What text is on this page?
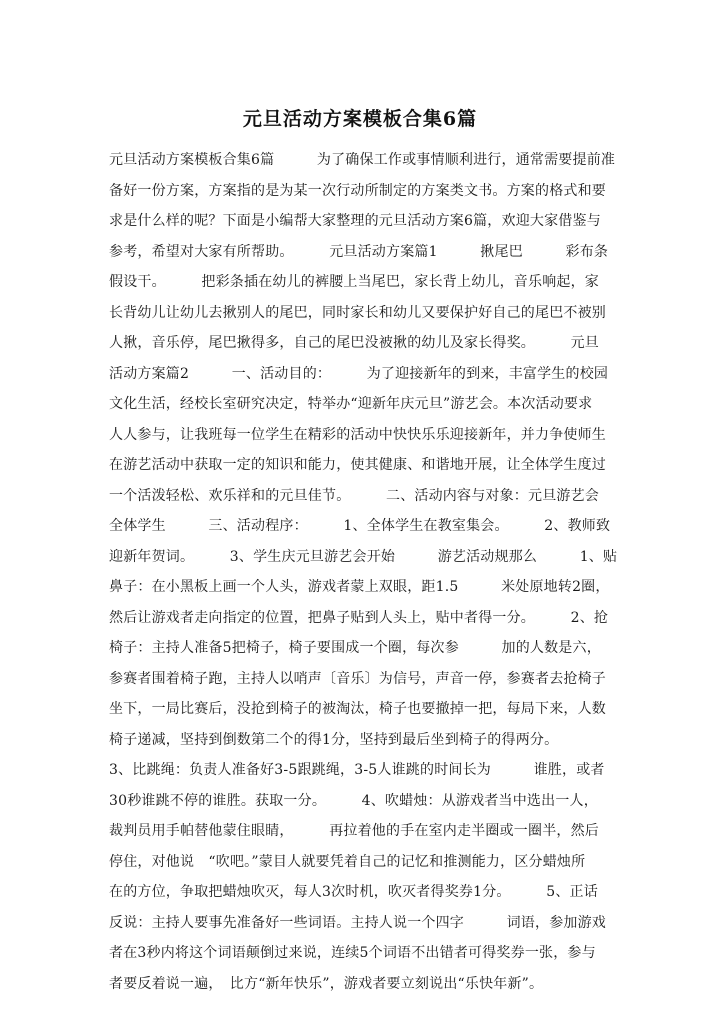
元旦活动方案模板合集6篇
元旦活动方案模板合集6篇　　　为了确保工作或事情顺利进行，通常需要提前准
备好一份方案，方案指的是为某一次行动所制定的方案类文书。方案的格式和要
求是什么样的呢？下面是小编帮大家整理的元旦活动方案6篇，欢迎大家借鉴与
参考，希望对大家有所帮助。　　　元旦活动方案篇1　　　揪尾巴　　　彩布条
假设干。　　　把彩条插在幼儿的裤腰上当尾巴，家长背上幼儿，音乐响起，家
长背幼儿让幼儿去揪别人的尾巴，同时家长和幼儿又要保护好自己的尾巴不被别
人揪，音乐停，尾巴揪得多，自己的尾巴没被揪的幼儿及家长得奖。　　　元旦
活动方案篇2　　　一、活动目的：　　　为了迎接新年的到来，丰富学生的校园
文化生活，经校长室研究决定，特举办“迎新年庆元旦”游艺会。本次活动要求
人人参与，让我班每一位学生在精彩的活动中快快乐乐迎接新年，并力争使师生
在游艺活动中获取一定的知识和能力，使其健康、和谐地开展，让全体学生度过
一个活泼轻松、欢乐祥和的元旦佳节。　　　二、活动内容与对象：元旦游艺会
全体学生　　　三、活动程序：　　　1、全体学生在教室集会。　　　2、教师致
迎新年贺词。　　　3、学生庆元旦游艺会开始　　　游艺活动规那么　　　1、贴
鼻子：在小黑板上画一个人头，游戏者蒙上双眼，距1.5　　　米处原地转2圈，
然后让游戏者走向指定的位置，把鼻子贴到人头上，贴中者得一分。　　　2、抢
椅子：主持人准备5把椅子，椅子要围成一个圈，每次参　　　加的人数是六，
参赛者围着椅子跑，主持人以哨声〔音乐〕为信号，声音一停，参赛者去抢椅子
坐下，一局比赛后，没抢到椅子的被淘汰，椅子也要撤掉一把，每局下来，人数
椅子递减，坚持到倒数第二个的得1分，坚持到最后坐到椅子的得两分。
3、比跳绳：负责人准备好3-5跟跳绳，3-5人谁跳的时间长为　　　谁胜，或者
30秒谁跳不停的谁胜。获取一分。　　　4、吹蜡烛：从游戏者当中选出一人，
裁判员用手帕替他蒙住眼睛，　　　再拉着他的手在室内走半圈或一圈半，然后
停住，对他说　“吹吧。”蒙目人就要凭着自己的记忆和推测能力，区分蜡烛所
在的方位，争取把蜡烛吹灭，每人3次时机，吹灭者得奖券1分。　　　5、正话
反说：主持人要事先准备好一些词语。主持人说一个四字　　　词语，参加游戏
者在3秒内将这个词语颠倒过来说，连续5个词语不出错者可得奖券一张，参与
者要反着说一遍，　比方“新年快乐”，游戏者要立刻说出“乐快年新”。
